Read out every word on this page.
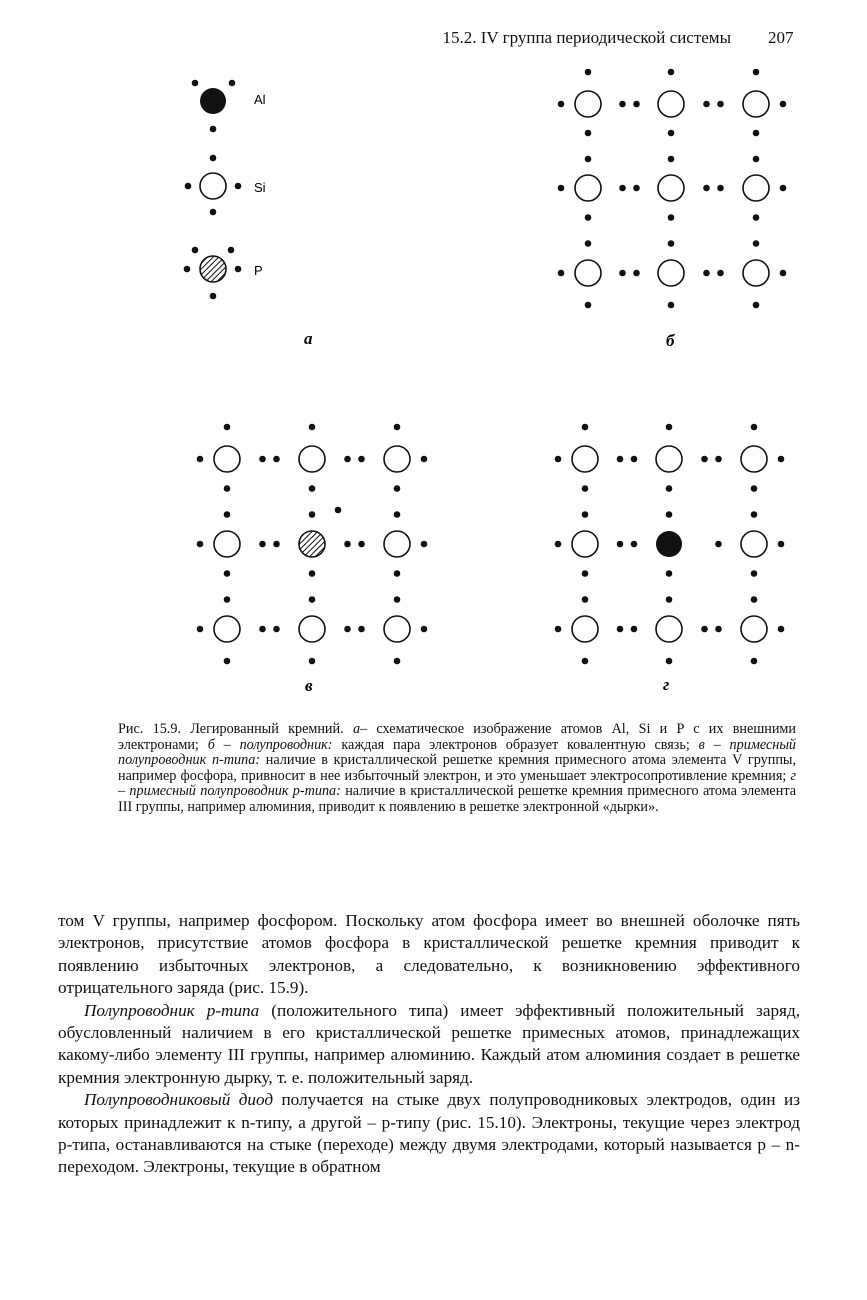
15.2. IV группа периодической системы 207
Al
Si
P
а	б
в	г
Рис. 15.9. Легированный кремний. а– схематическое изображение атомов Al, Si и P с их внешними электронами; б – полупроводник: каждая пара электронов образует ковалентную связь; в – примесный полупроводник n-типа: наличие в кристаллической решетке кремния примесного атома элемента V группы, например фосфора, привносит в нее избыточный электрон, и это уменьшает электросопротивление кремния; г – примесный полупроводник p-типа: наличие в кристаллической решетке кремния примесного атома элемента III группы, например алюминия, приводит к появлению в решетке электронной «дырки».

том V группы, например фосфором. Поскольку атом фосфора имеет во внешней оболочке пять электронов, присутствие атомов фосфора в кристаллической решетке кремния приводит к появлению избыточных электронов, а следовательно, к возникновению эффективного отрицательного заряда (рис. 15.9).

Полупроводник p-типа (положительного типа) имеет эффективный положительный заряд, обусловленный наличием в его кристаллической решетке примесных атомов, принадлежащих какому-либо элементу III группы, например алюминию. Каждый атом алюминия создает в решетке кремния электронную дырку, т. е. положительный заряд.

Полупроводниковый диод получается на стыке двух полупроводниковых электродов, один из которых принадлежит к n-типу, а другой – p-типу (рис. 15.10). Электроны, текущие через электрод p-типа, останавливаются на стыке (переходе) между двумя электродами, который называется p – n-переходом. Электроны, текущие в обратном
